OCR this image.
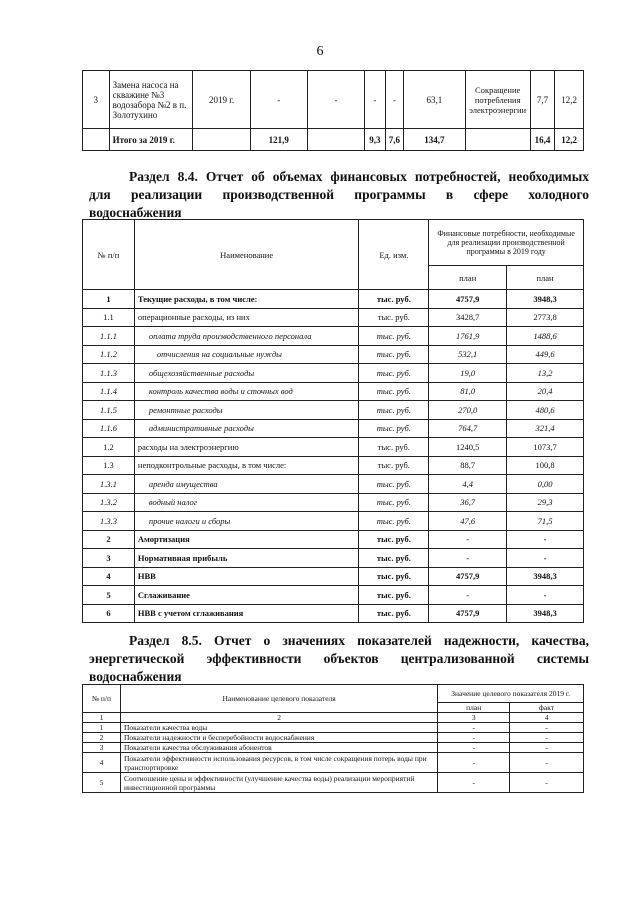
6
3	Замена насоса на скважине №3 водозабора №2 в п. Золотухино	2019 г.	-	-	-	-	63,1	Сокращение потребления электроэнергии	7,7	12,2
	Итого за 2019 г.		121,9		9,3	7,6	134,7		16,4	12,2
Раздел 8.4. Отчет об объемах финансовых потребностей, необходимых
для реализации производственной программы в сфере холодного
водоснабжения
№ п/п	Наименование	Ед. изм.	Финансовые потребности, необходимые для реализации производственной программы в 2019 году	
			план	план
1	Текущие расходы, в том числе:	тыс. руб.	4757,9	3948,3
1.1	операционные расходы, из них	тыс. руб.	3428,7	2773,8
1.1.1	оплата труда производственного персонала	тыс. руб.	1761,9	1488,6
1.1.2	отчисления на социальные нужды	тыс. руб.	532,1	449,6
1.1.3	общехозяйственные расходы	тыс. руб.	19,0	13,2
1.1.4	контроль качества воды и сточных вод	тыс. руб.	81,0	20,4
1.1.5	ремонтные расходы	тыс. руб.	270,0	480,6
1.1.6	административные расходы	тыс. руб.	764,7	321,4
1.2	расходы на электроэнергию	тыс. руб.	1240,5	1073,7
1.3	неподконтрольные расходы, в том числе:	тыс. руб.	88,7	100,8
1.3.1	аренда имущества	тыс. руб.	4,4	0,00
1.3.2	водный налог	тыс. руб.	36,7	29,3
1.3.3	прочие налоги и сборы	тыс. руб.	47,6	71,5
2	Амортизация	тыс. руб.	-	-
3	Нормативная прибыль	тыс. руб.	-	-
4	НВВ	тыс. руб.	4757,9	3948,3
5	Сглаживание	тыс. руб.	-	-
6	НВВ с учетом сглаживания	тыс. руб.	4757,9	3948,3
Раздел 8.5. Отчет о значениях показателей надежности, качества,
энергетической эффективности объектов централизованной системы
водоснабжения
№ п/п	Наименование целевого показателя	Значение целевого показателя 2019 г.	
		план	факт
1	2	3	4
1	Показатели качества воды	-	-
2	Показатели надежности и бесперебойности водоснабжения	-	-
3	Показатели качества обслуживания абонентов	-	-
4	Показатели эффективности использования ресурсов, в том числе сокращения потерь воды при транспортировке	-	-
5	Соотношение цены и эффективности (улучшение качества воды) реализации мероприятий инвестиционной программы	-	-
